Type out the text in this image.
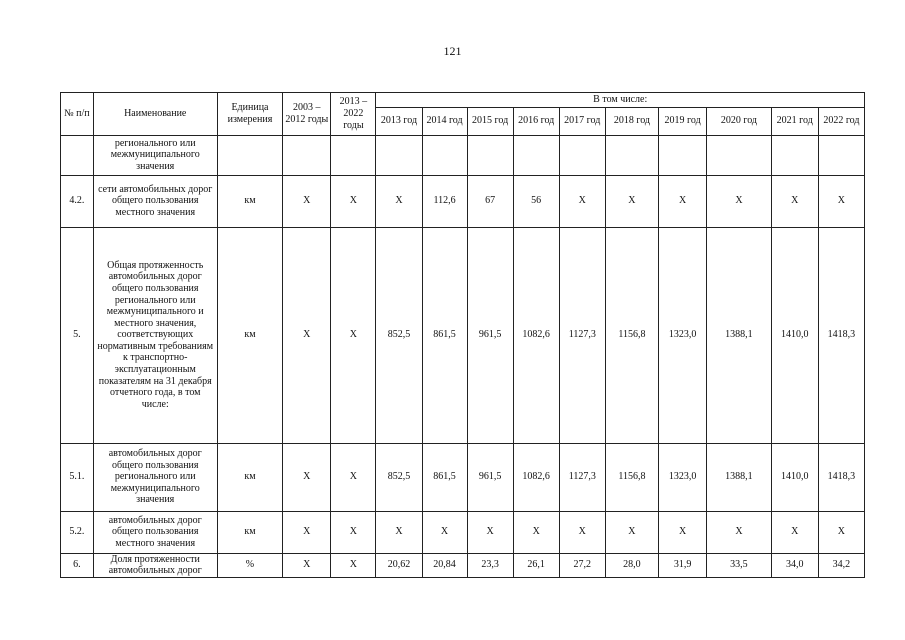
121
№ п/п	Наименование	Единица измерения	2003 – 2012 годы	2013 – 2022 годы	В том числе:									
					2013 год	2014 год	2015 год	2016 год	2017 год	2018 год	2019 год	2020 год	2021 год	2022 год
	регионального или межмуниципального значения													
4.2.	сети автомобильных дорог общего пользования местного значения	км	X	X	X	112,6	67	56	X	X	X	X	X	X
5.	Общая протяженность автомобильных дорог общего пользования регионального или межмуниципального и местного значения, соответствующих нормативным требованиям к транспортно-эксплуатационным показателям на 31 декабря отчетного года, в том числе:	км	X	X	852,5	861,5	961,5	1082,6	1127,3	1156,8	1323,0	1388,1	1410,0	1418,3
5.1.	автомобильных дорог общего пользования регионального или межмуниципального значения	км	X	X	852,5	861,5	961,5	1082,6	1127,3	1156,8	1323,0	1388,1	1410,0	1418,3
5.2.	автомобильных дорог общего пользования местного значения	км	X	X	X	X	X	X	X	X	X	X	X	X
6.	Доля протяженности автомобильных дорог	%	X	X	20,62	20,84	23,3	26,1	27,2	28,0	31,9	33,5	34,0	34,2
